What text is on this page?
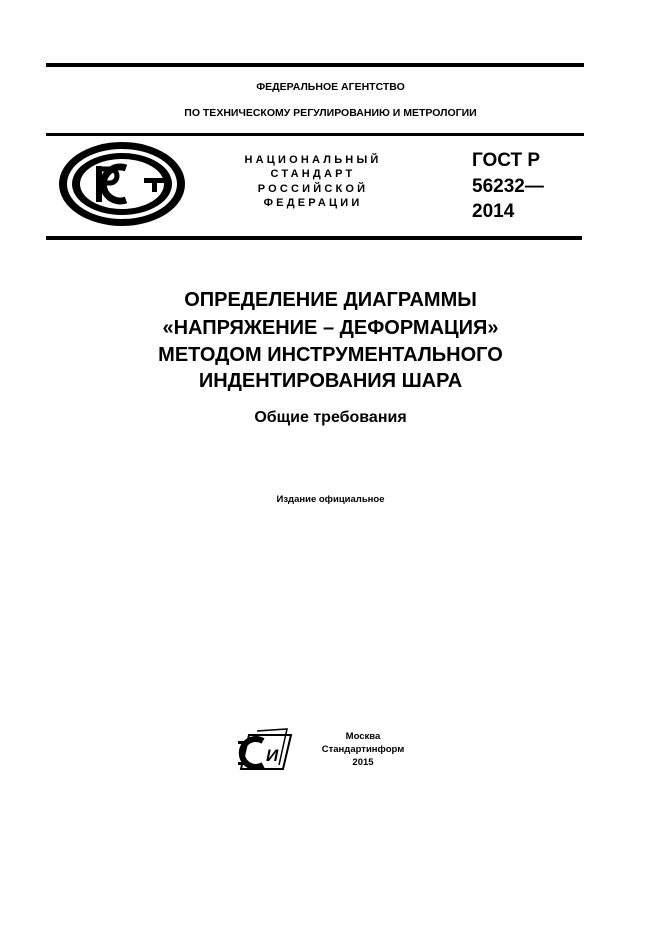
ФЕДЕРАЛЬНОЕ АГЕНТСТВО
ПО ТЕХНИЧЕСКОМУ РЕГУЛИРОВАНИЮ И МЕТРОЛОГИИ
НАЦИОНАЛЬНЫЙ
СТАНДАРТ
РОССИЙСКОЙ
ФЕДЕРАЦИИ
ГОСТ Р
56232—
2014
ОПРЕДЕЛЕНИЕ ДИАГРАММЫ
«НАПРЯЖЕНИЕ – ДЕФОРМАЦИЯ»
МЕТОДОМ ИНСТРУМЕНТАЛЬНОГО
ИНДЕНТИРОВАНИЯ ШАРА
Общие требования
Издание официальное
И
Москва
Стандартинформ
2015
